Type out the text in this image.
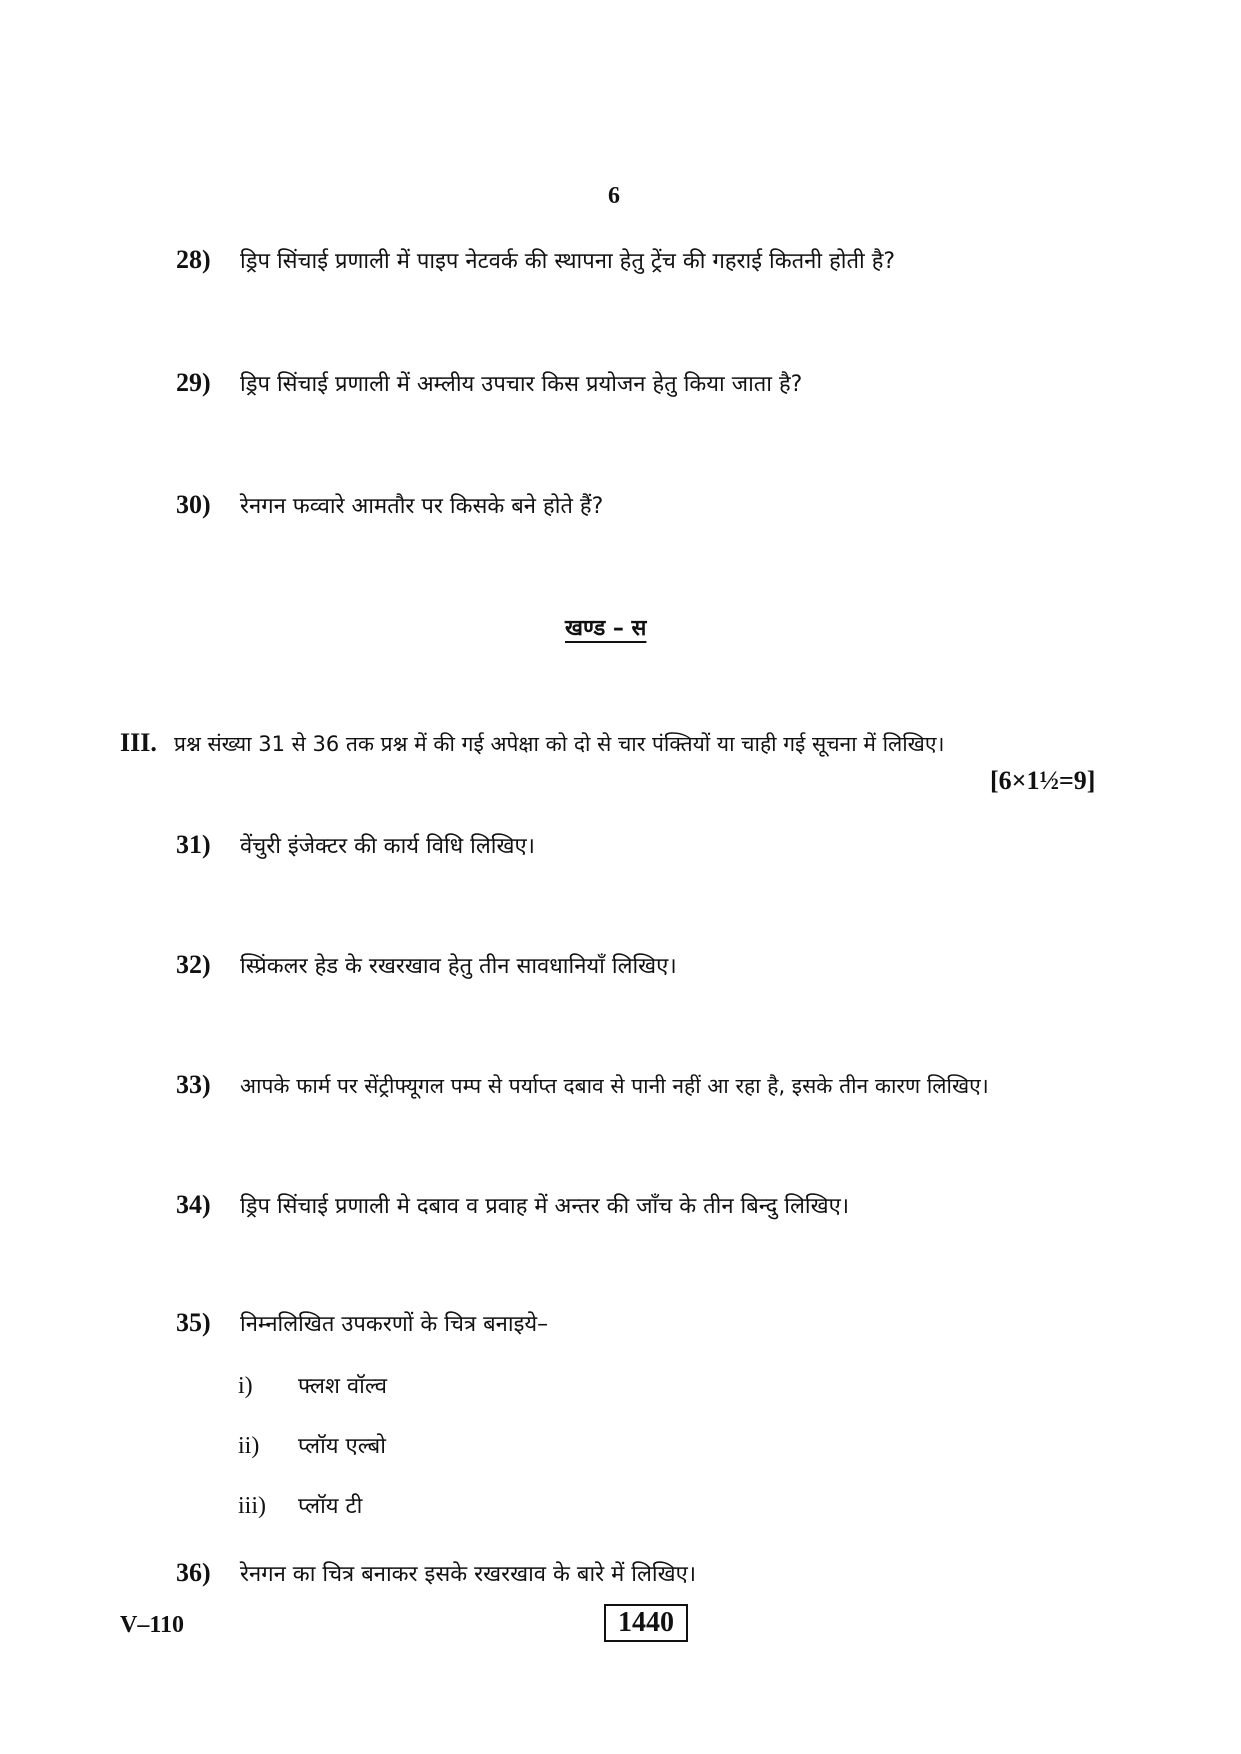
6
28)	ड्रिप सिंचाई प्रणाली में पाइप नेटवर्क की स्थापना हेतु ट्रेंच की गहराई कितनी होती है?
29)	ड्रिप सिंचाई प्रणाली में अम्लीय उपचार किस प्रयोजन हेतु किया जाता है?
30)	रेनगन फव्वारे आमतौर पर किसके बने होते हैं?
खण्ड – स
III. प्रश्न संख्या 31 से 36 तक प्रश्न में की गई अपेक्षा को दो से चार पंक्तियों या चाही गई सूचना में लिखिए।
[6×1½=9]
31)	वेंचुरी इंजेक्टर की कार्य विधि लिखिए।
32)	स्प्रिंकलर हेड के रखरखाव हेतु तीन सावधानियाँ लिखिए।
33)	आपके फार्म पर सेंट्रीफ्यूगल पम्प से पर्याप्त दबाव से पानी नहीं आ रहा है, इसके तीन कारण लिखिए।
34)	ड्रिप सिंचाई प्रणाली मे दबाव व प्रवाह में अन्तर की जाँच के तीन बिन्दु लिखिए।
35)	निम्नलिखित उपकरणों के चित्र बनाइये–
i)	फ्लश वॉल्व
ii)	प्लॉय एल्बो
iii)	प्लॉय टी
36)	रेनगन का चित्र बनाकर इसके रखरखाव के बारे में लिखिए।
V–110	1440
